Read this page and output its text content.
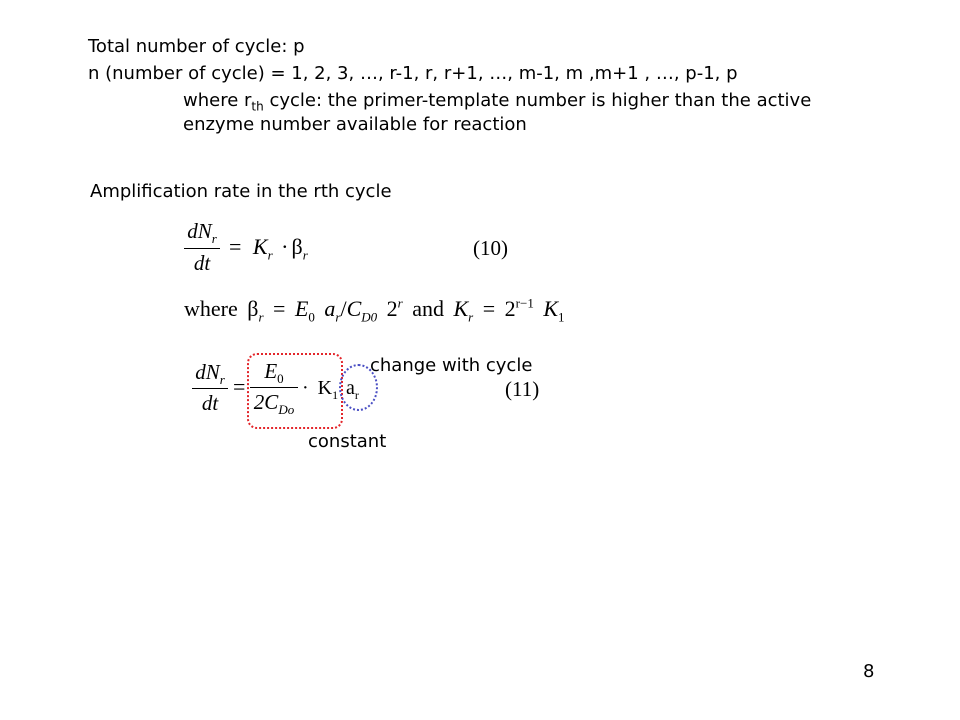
Total number of cycle: p
n (number of cycle) = 1, 2, 3, …, r-1, r, r+1, …, m-1, m ,m+1 , …, p-1, p
where $r_{th}$ cycle: the primer-template number is higher than the active
enzyme number available for reaction
Amplification rate in the rth cycle
$dN_r$
dt
= $K_r \cdot \beta_r$	(10)
where $\beta_r = E_0$ $a_r/C_{D0}$ 2$^r$ and $K_r = 2^{r-1}$ $K_1$
$dN_r$
dt
=
$E_0$
$2C_{Do}$
· $K_1$ $a_r$	(11)
change with cycle
constant
8
